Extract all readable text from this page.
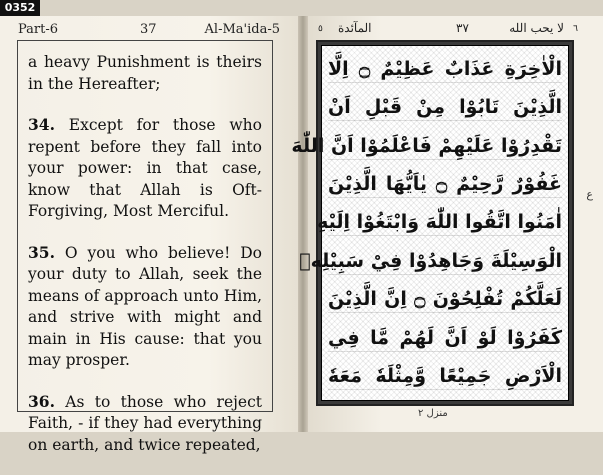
0352
Part-6	37	Al-Ma'ida-5

a heavy Punishment is theirs in the Hereafter;

34. Except for those who repent before they fall into your power: in that case, know that Allah is Oft-Forgiving, Most Merciful.

35. O you who believe! Do your duty to Allah, seek the means of approach unto Him, and strive with might and main in His cause: that you may prosper.

36. As to those who reject Faith, - if they had everything on earth, and twice repeated,

٥ المآئدة	٣٧	لا يحب الله ٦
الْاٰخِرَةِ عَذَابٌ عَظِيْمٌ ۝ اِلَّا
الَّذِيْنَ تَابُوْا مِنْ قَبْلِ اَنْ
تَقْدِرُوْا عَلَيْهِمْ فَاعْلَمُوْا اَنَّ اللّٰهَ
غَفُوْرٌ رَّحِيْمٌ ۝ يٰاَيُّهَا الَّذِيْنَ
اٰمَنُوا اتَّقُوا اللّٰهَ وَابْتَغُوْا اِلَيْهِ
الْوَسِيْلَةَ وَجَاهِدُوْا فِيْ سَبِيْلِهٖ
لَعَلَّكُمْ تُفْلِحُوْنَ ۝ اِنَّ الَّذِيْنَ
كَفَرُوْا لَوْ اَنَّ لَهُمْ مَّا فِي
الْاَرْضِ جَمِيْعًا وَّمِثْلَهٗ مَعَهٗ
ع
منزل ٢
